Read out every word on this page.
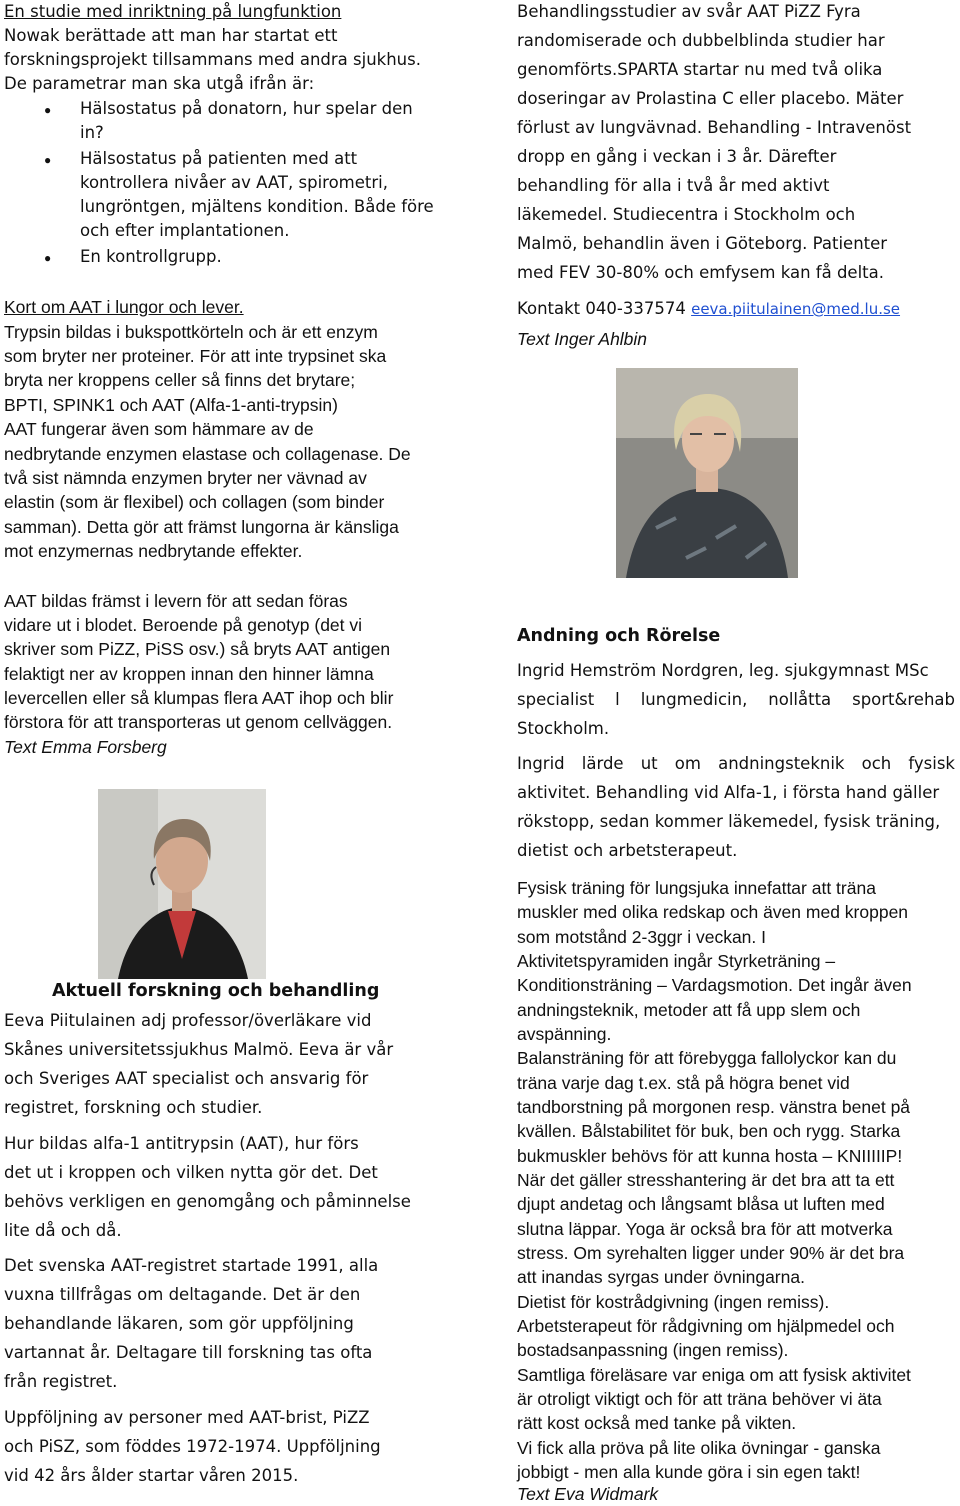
En studie med inriktning på lungfunktion
Nowak berättade att man har startat ett
forskningsprojekt tillsammans med andra sjukhus.
De parametrar man ska utgå ifrån är:
● Hälsostatus på donatorn, hur spelar den
in?
● Hälsostatus på patienten med att
kontrollera nivåer av AAT, spirometri,
lungröntgen, mjältens kondition. Både före
och efter implantationen.
● En kontrollgrupp.
Kort om AAT i lungor och lever.
Trypsin bildas i bukspottkörteln och är ett enzym
som bryter ner proteiner. För att inte trypsinet ska
bryta ner kroppens celler så finns det brytare;
BPTI, SPINK1 och AAT (Alfa-1-anti-trypsin)
AAT fungerar även som hämmare av de
nedbrytande enzymen elastase och collagenase. De
två sist nämnda enzymen bryter ner vävnad av
elastin (som är flexibel) och collagen (som binder
samman). Detta gör att främst lungorna är känsliga
mot enzymernas nedbrytande effekter.
AAT bildas främst i levern för att sedan föras
vidare ut i blodet. Beroende på genotyp (det vi
skriver som PiZZ, PiSS osv.) så bryts AAT antigen
felaktigt ner av kroppen innan den hinner lämna
levercellen eller så klumpas flera AAT ihop och blir
förstora för att transporteras ut genom cellväggen.
Text Emma Forsberg
Aktuell forskning och behandling
Eeva Piitulainen adj professor/överläkare vid
Skånes universitetssjukhus Malmö. Eeva är vår
och Sveriges AAT specialist och ansvarig för
registret, forskning och studier.
Hur bildas alfa-1 antitrypsin (AAT), hur förs
det ut i kroppen och vilken nytta gör det. Det
behövs verkligen en genomgång och påminnelse
lite då och då.
Det svenska AAT-registret startade 1991, alla
vuxna tillfrågas om deltagande. Det är den
behandlande läkaren, som gör uppföljning
vartannat år. Deltagare till forskning tas ofta
från registret.
Uppföljning av personer med AAT-brist, PiZZ
och PiSZ, som föddes 1972-1974. Uppföljning
vid 42 års ålder startar våren 2015.
Behandlingsstudier av svår AAT PiZZ Fyra
randomiserade och dubbelblinda studier har
genomförts.SPARTA startar nu med två olika
doseringar av Prolastina C eller placebo. Mäter
förlust av lungvävnad. Behandling - Intravenöst
dropp en gång i veckan i 3 år. Därefter
behandling för alla i två år med aktivt
läkemedel. Studiecentra i Stockholm och
Malmö, behandlin även i Göteborg. Patienter
med FEV 30-80% och emfysem kan få delta.
Kontakt 040-337574 eeva.piitulainen@med.lu.se
Text Inger Ahlbin
Andning och Rörelse
Ingrid Hemström Nordgren, leg. sjukgymnast MSc
specialist l lungmedicin, nollåtta sport&rehab
Stockholm.
Ingrid lärde ut om andningsteknik och fysisk
aktivitet. Behandling vid Alfa-1, i första hand gäller
rökstopp, sedan kommer läkemedel, fysisk träning,
dietist och arbetsterapeut.
Fysisk träning för lungsjuka innefattar att träna
muskler med olika redskap och även med kroppen
som motstånd 2-3ggr i veckan. I
Aktivitetspyramiden ingår Styrketräning –
Konditionsträning – Vardagsmotion. Det ingår även
andningsteknik, metoder att få upp slem och
avspänning.
Balansträning för att förebygga fallolyckor kan du
träna varje dag t.ex. stå på högra benet vid
tandborstning på morgonen resp. vänstra benet på
kvällen. Bålstabilitet för buk, ben och rygg. Starka
bukmuskler behövs för att kunna hosta – KNIIIIIP!
När det gäller stresshantering är det bra att ta ett
djupt andetag och långsamt blåsa ut luften med
slutna läppar. Yoga är också bra för att motverka
stress. Om syrehalten ligger under 90% är det bra
att inandas syrgas under övningarna.
Dietist för kostrådgivning (ingen remiss).
Arbetsterapeut för rådgivning om hjälpmedel och
bostadsanpassning (ingen remiss).
Samtliga föreläsare var eniga om att fysisk aktivitet
är otroligt viktigt och för att träna behöver vi äta
rätt kost också med tanke på vikten.
Vi fick alla pröva på lite olika övningar - ganska
jobbigt - men alla kunde göra i sin egen takt!
Text Eva Widmark
